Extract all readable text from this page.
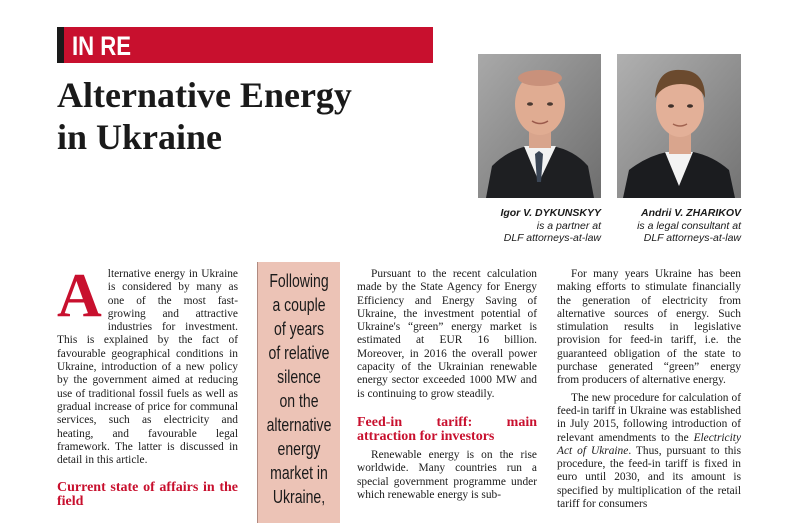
IN RE
Alternative Energy
in Ukraine
Igor V. DYKUNSKYY
is a partner at
DLF attorneys-at-law
Andrii V. ZHARIKOV
is a legal consultant at
DLF attorneys-at-law

Alternative energy in Ukraine is considered by many as one of the most fast-growing and attractive industries for investment. This is explained by the fact of favourable geographical conditions in Ukraine, introduction of a new policy by the government aimed at reducing use of traditional fossil fuels as well as gradual increase of price for communal services, such as electricity and heating, and favourable legal framework. The latter is discussed in detail in this article.

Current state of affairs in the field

Following
a couple
of years
of relative
silence
on the
alternative
energy
market in
Ukraine,

Pursuant to the recent calculation made by the State Agency for Energy Efficiency and Energy Saving of Ukraine, the investment potential of Ukraine's “green” energy market is estimated at EUR 16 billion. Moreover, in 2016 the overall power capacity of the Ukrainian renewable energy sector exceeded 1000 MW and is continuing to grow steadily.

Feed-in tariff: main attraction for investors

Renewable energy is on the rise worldwide. Many countries run a special government programme under which renewable energy is sub-

For many years Ukraine has been making efforts to stimulate financially the generation of electricity from alternative sources of energy. Such stimulation results in legislative provision for feed-in tariff, i.e. the guaranteed obligation of the state to purchase generated “green” energy from producers of alternative energy.

The new procedure for calculation of feed-in tariff in Ukraine was established in July 2015, following introduction of relevant amendments to the Electricity Act of Ukraine. Thus, pursuant to this procedure, the feed-in tariff is fixed in euro until 2030, and its amount is specified by multiplication of the retail tariff for consumers
